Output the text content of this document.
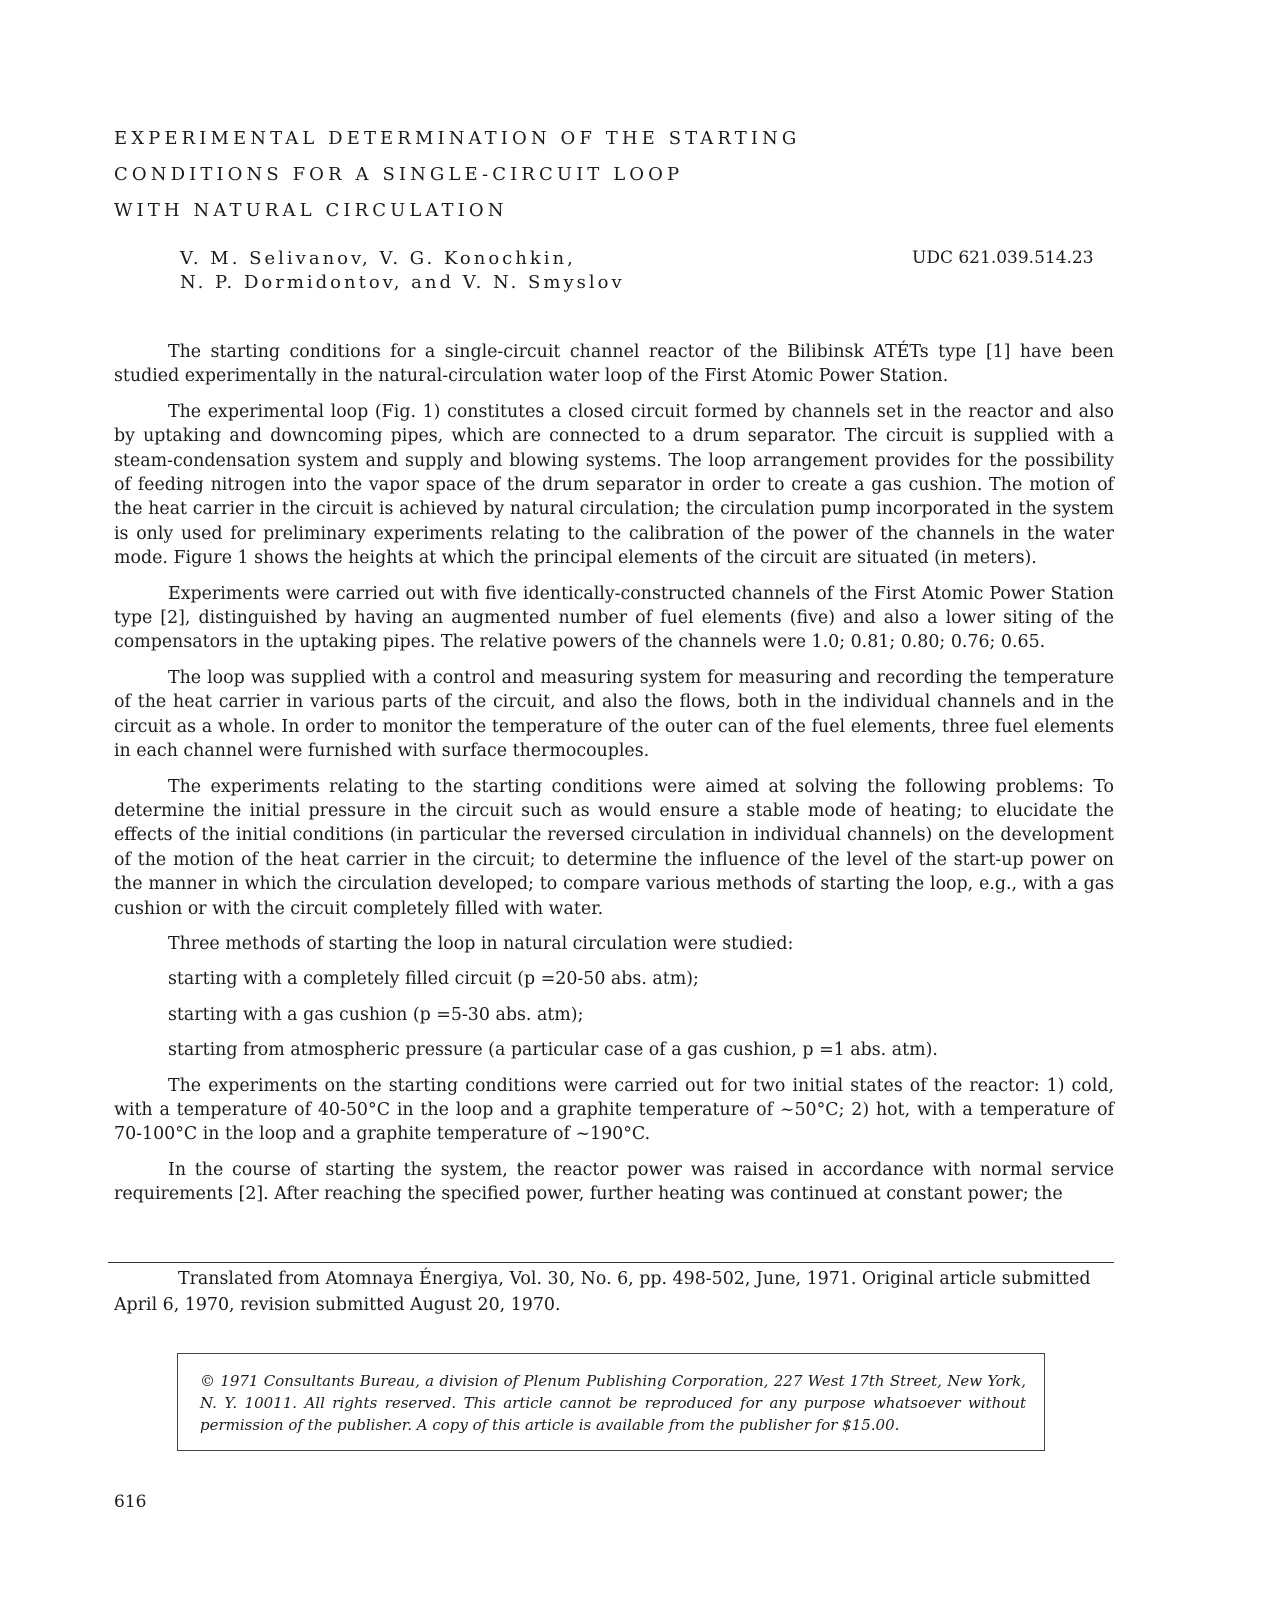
EXPERIMENTAL DETERMINATION OF THE STARTING
CONDITIONS FOR A SINGLE-CIRCUIT LOOP
WITH NATURAL CIRCULATION
V. M. Selivanov, V. G. Konochkin,
N. P. Dormidontov, and V. N. Smyslov
UDC 621.039.514.23

The starting conditions for a single-circuit channel reactor of the Bilibinsk ATÉTs type [1] have been studied experimentally in the natural-circulation water loop of the First Atomic Power Station.

The experimental loop (Fig. 1) constitutes a closed circuit formed by channels set in the reactor and also by uptaking and downcoming pipes, which are connected to a drum separator. The circuit is supplied with a steam-condensation system and supply and blowing systems. The loop arrangement provides for the possibility of feeding nitrogen into the vapor space of the drum separator in order to create a gas cushion. The motion of the heat carrier in the circuit is achieved by natural circulation; the circulation pump incorporated in the system is only used for preliminary experiments relating to the calibration of the power of the channels in the water mode. Figure 1 shows the heights at which the principal elements of the circuit are situated (in meters).

Experiments were carried out with five identically-constructed channels of the First Atomic Power Station type [2], distinguished by having an augmented number of fuel elements (five) and also a lower siting of the compensators in the uptaking pipes. The relative powers of the channels were 1.0; 0.81; 0.80; 0.76; 0.65.

The loop was supplied with a control and measuring system for measuring and recording the temperature of the heat carrier in various parts of the circuit, and also the flows, both in the individual channels and in the circuit as a whole. In order to monitor the temperature of the outer can of the fuel elements, three fuel elements in each channel were furnished with surface thermocouples.

The experiments relating to the starting conditions were aimed at solving the following problems: To determine the initial pressure in the circuit such as would ensure a stable mode of heating; to elucidate the effects of the initial conditions (in particular the reversed circulation in individual channels) on the development of the motion of the heat carrier in the circuit; to determine the influence of the level of the start-up power on the manner in which the circulation developed; to compare various methods of starting the loop, e.g., with a gas cushion or with the circuit completely filled with water.

Three methods of starting the loop in natural circulation were studied:

starting with a completely filled circuit (p =20-50 abs. atm);

starting with a gas cushion (p =5-30 abs. atm);

starting from atmospheric pressure (a particular case of a gas cushion, p =1 abs. atm).

The experiments on the starting conditions were carried out for two initial states of the reactor: 1) cold, with a temperature of 40-50°C in the loop and a graphite temperature of ~50°C; 2) hot, with a temperature of 70-100°C in the loop and a graphite temperature of ~190°C.

In the course of starting the system, the reactor power was raised in accordance with normal service requirements [2]. After reaching the specified power, further heating was continued at constant power; the

Translated from Atomnaya Énergiya, Vol. 30, No. 6, pp. 498-502, June, 1971. Original article submitted April 6, 1970, revision submitted August 20, 1970.

© 1971 Consultants Bureau, a division of Plenum Publishing Corporation, 227 West 17th Street, New York, N. Y. 10011. All rights reserved. This article cannot be reproduced for any purpose whatsoever without permission of the publisher. A copy of this article is available from the publisher for $15.00.
616
